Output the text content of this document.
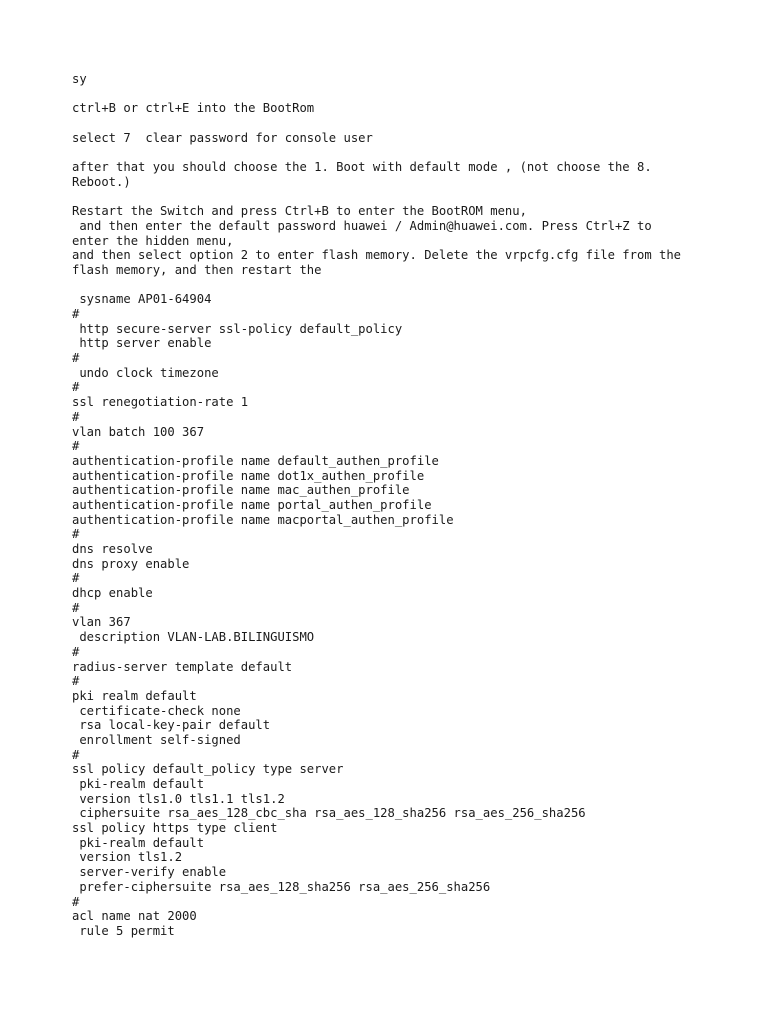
sy
ctrl+B or ctrl+E into the BootRom
select 7  clear password for console user
after that you should choose the 1. Boot with default mode , (not choose the 8.
Reboot.)
Restart the Switch and press Ctrl+B to enter the BootROM menu,
and then enter the default password huawei / Admin@huawei.com. Press Ctrl+Z to
enter the hidden menu,
and then select option 2 to enter flash memory. Delete the vrpcfg.cfg file from the
flash memory, and then restart the
sysname AP01-64904
#
http secure-server ssl-policy default_policy
http server enable
#
undo clock timezone
#
ssl renegotiation-rate 1
#
vlan batch 100 367
#
authentication-profile name default_authen_profile
authentication-profile name dot1x_authen_profile
authentication-profile name mac_authen_profile
authentication-profile name portal_authen_profile
authentication-profile name macportal_authen_profile
#
dns resolve
dns proxy enable
#
dhcp enable
#
vlan 367
description VLAN-LAB.BILINGUISMO
#
radius-server template default
#
pki realm default
certificate-check none
rsa local-key-pair default
enrollment self-signed
#
ssl policy default_policy type server
pki-realm default
version tls1.0 tls1.1 tls1.2
ciphersuite rsa_aes_128_cbc_sha rsa_aes_128_sha256 rsa_aes_256_sha256
ssl policy https type client
pki-realm default
version tls1.2
server-verify enable
prefer-ciphersuite rsa_aes_128_sha256 rsa_aes_256_sha256
#
acl name nat 2000
rule 5 permit
